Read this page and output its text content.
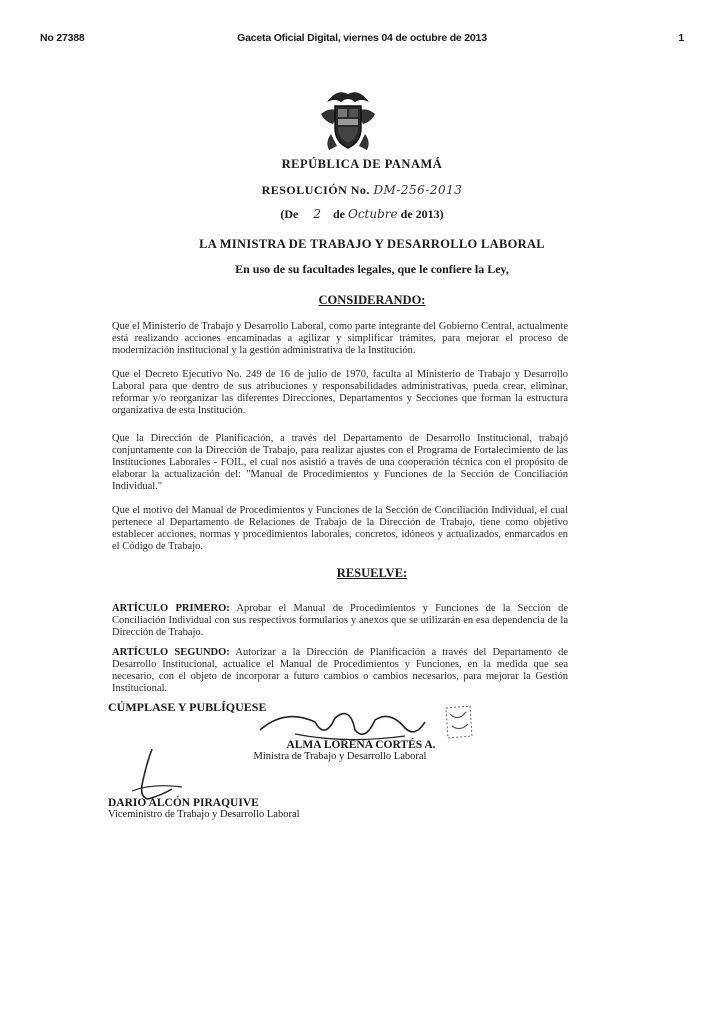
No 27388	Gaceta Oficial Digital, viernes 04 de octubre de 2013	1
REPÚBLICA DE PANAMÁ
RESOLUCIÓN No. DM-256-2013
(De 2 de Octubre de 2013)
LA MINISTRA DE TRABAJO Y DESARROLLO LABORAL
En uso de su facultades legales, que le confiere la Ley,
CONSIDERANDO:
Que el Ministerio de Trabajo y Desarrollo Laboral, como parte integrante del Gobierno Central, actualmente está realizando acciones encaminadas a agilizar y simplificar trámites, para mejorar el proceso de modernización institucional y la gestión administrativa de la Institución.
Que el Decreto Ejecutivo No. 249 de 16 de julio de 1970, faculta al Ministerio de Trabajo y Desarrollo Laboral para que dentro de sus atribuciones y responsabilidades administrativas, pueda crear, eliminar, reformar y/o reorganizar las diferentes Direcciones, Departamentos y Secciones que forman la estructura organizativa de esta Institución.
Que la Dirección de Planificación, a través del Departamento de Desarrollo Institucional, trabajó conjuntamente con la Dirección de Trabajo, para realizar ajustes con el Programa de Fortalecimiento de las Instituciones Laborales - FOIL, el cual nos asistió a través de una cooperación técnica con el propósito de elaborar la actualización del: "Manual de Procedimientos y Funciones de la Sección de Conciliación Individual."
Que el motivo del Manual de Procedimientos y Funciones de la Sección de Conciliación Individual, el cual pertenece al Departamento de Relaciones de Trabajo de la Dirección de Trabajo, tiene como objetivo establecer acciones, normas y procedimientos laborales, concretos, idóneos y actualizados, enmarcados en el Código de Trabajo.
RESUELVE:
ARTÍCULO PRIMERO: Aprobar el Manual de Procedimientos y Funciones de la Sección de Conciliación Individual con sus respectivos formularios y anexos que se utilizarán en esa dependencia de la Dirección de Trabajo.
ARTÍCULO SEGUNDO: Autorizar a la Dirección de Planificación a través del Departamento de Desarrollo Institucional, actualice el Manual de Procedimientos y Funciones, en la medida que sea necesario, con el objeto de incorporar a futuro cambios o cambios necesarios, para mejorar la Gestión Institucional.
CÚMPLASE Y PUBLÍQUESE
ALMA LORENA CORTÉS A.
Ministra de Trabajo y Desarrollo Laboral
DARIO ALCÓN PIRAQUIVE
Viceministro de Trabajo y Desarrollo Laboral
